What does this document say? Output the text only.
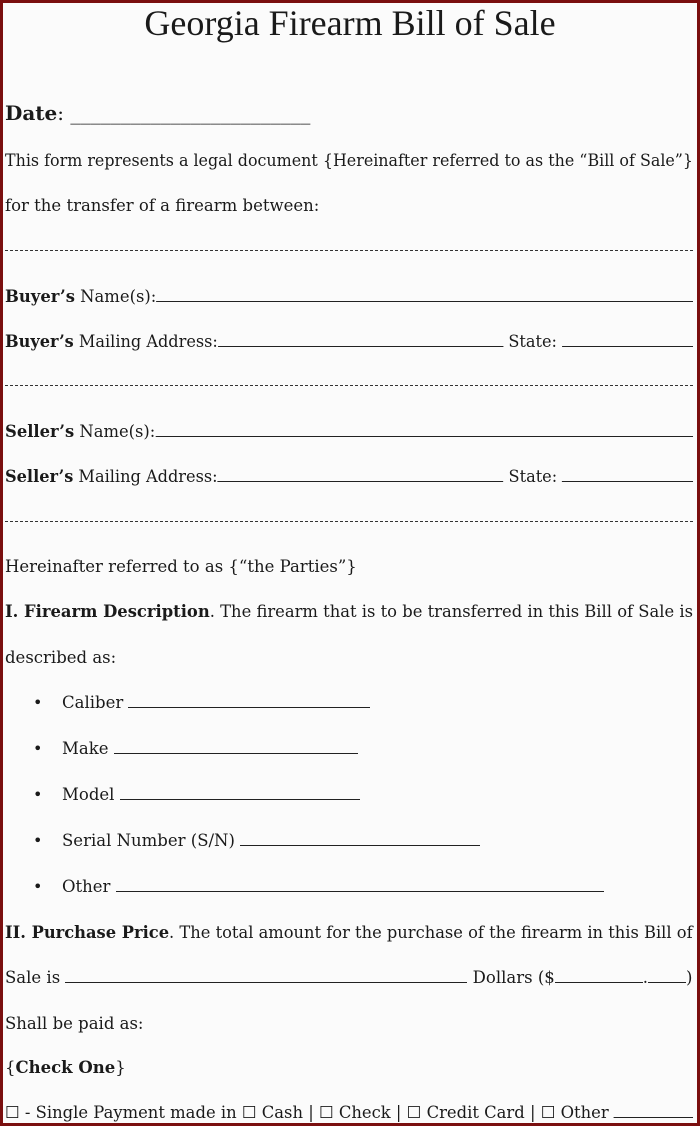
Georgia Firearm Bill of Sale
Date: ________________________
This form represents a legal document {Hereinafter referred to as the “Bill of Sale”}
for the transfer of a firearm between:
Buyer’s Name(s):
Buyer’s Mailing Address:	State:
Seller’s Name(s):
Seller’s Mailing Address:	State:
Hereinafter referred to as {“the Parties”}
I. Firearm Description. The firearm that is to be transferred in this Bill of Sale is
described as:
• Caliber
• Make
• Model
• Serial Number (S/N)
• Other
II. Purchase Price. The total amount for the purchase of the firearm in this Bill of
Sale is	Dollars ($	. )
Shall be paid as:
{Check One}
☐ - Single Payment made in ☐ Cash | ☐ Check | ☐ Credit Card | ☐ Other
